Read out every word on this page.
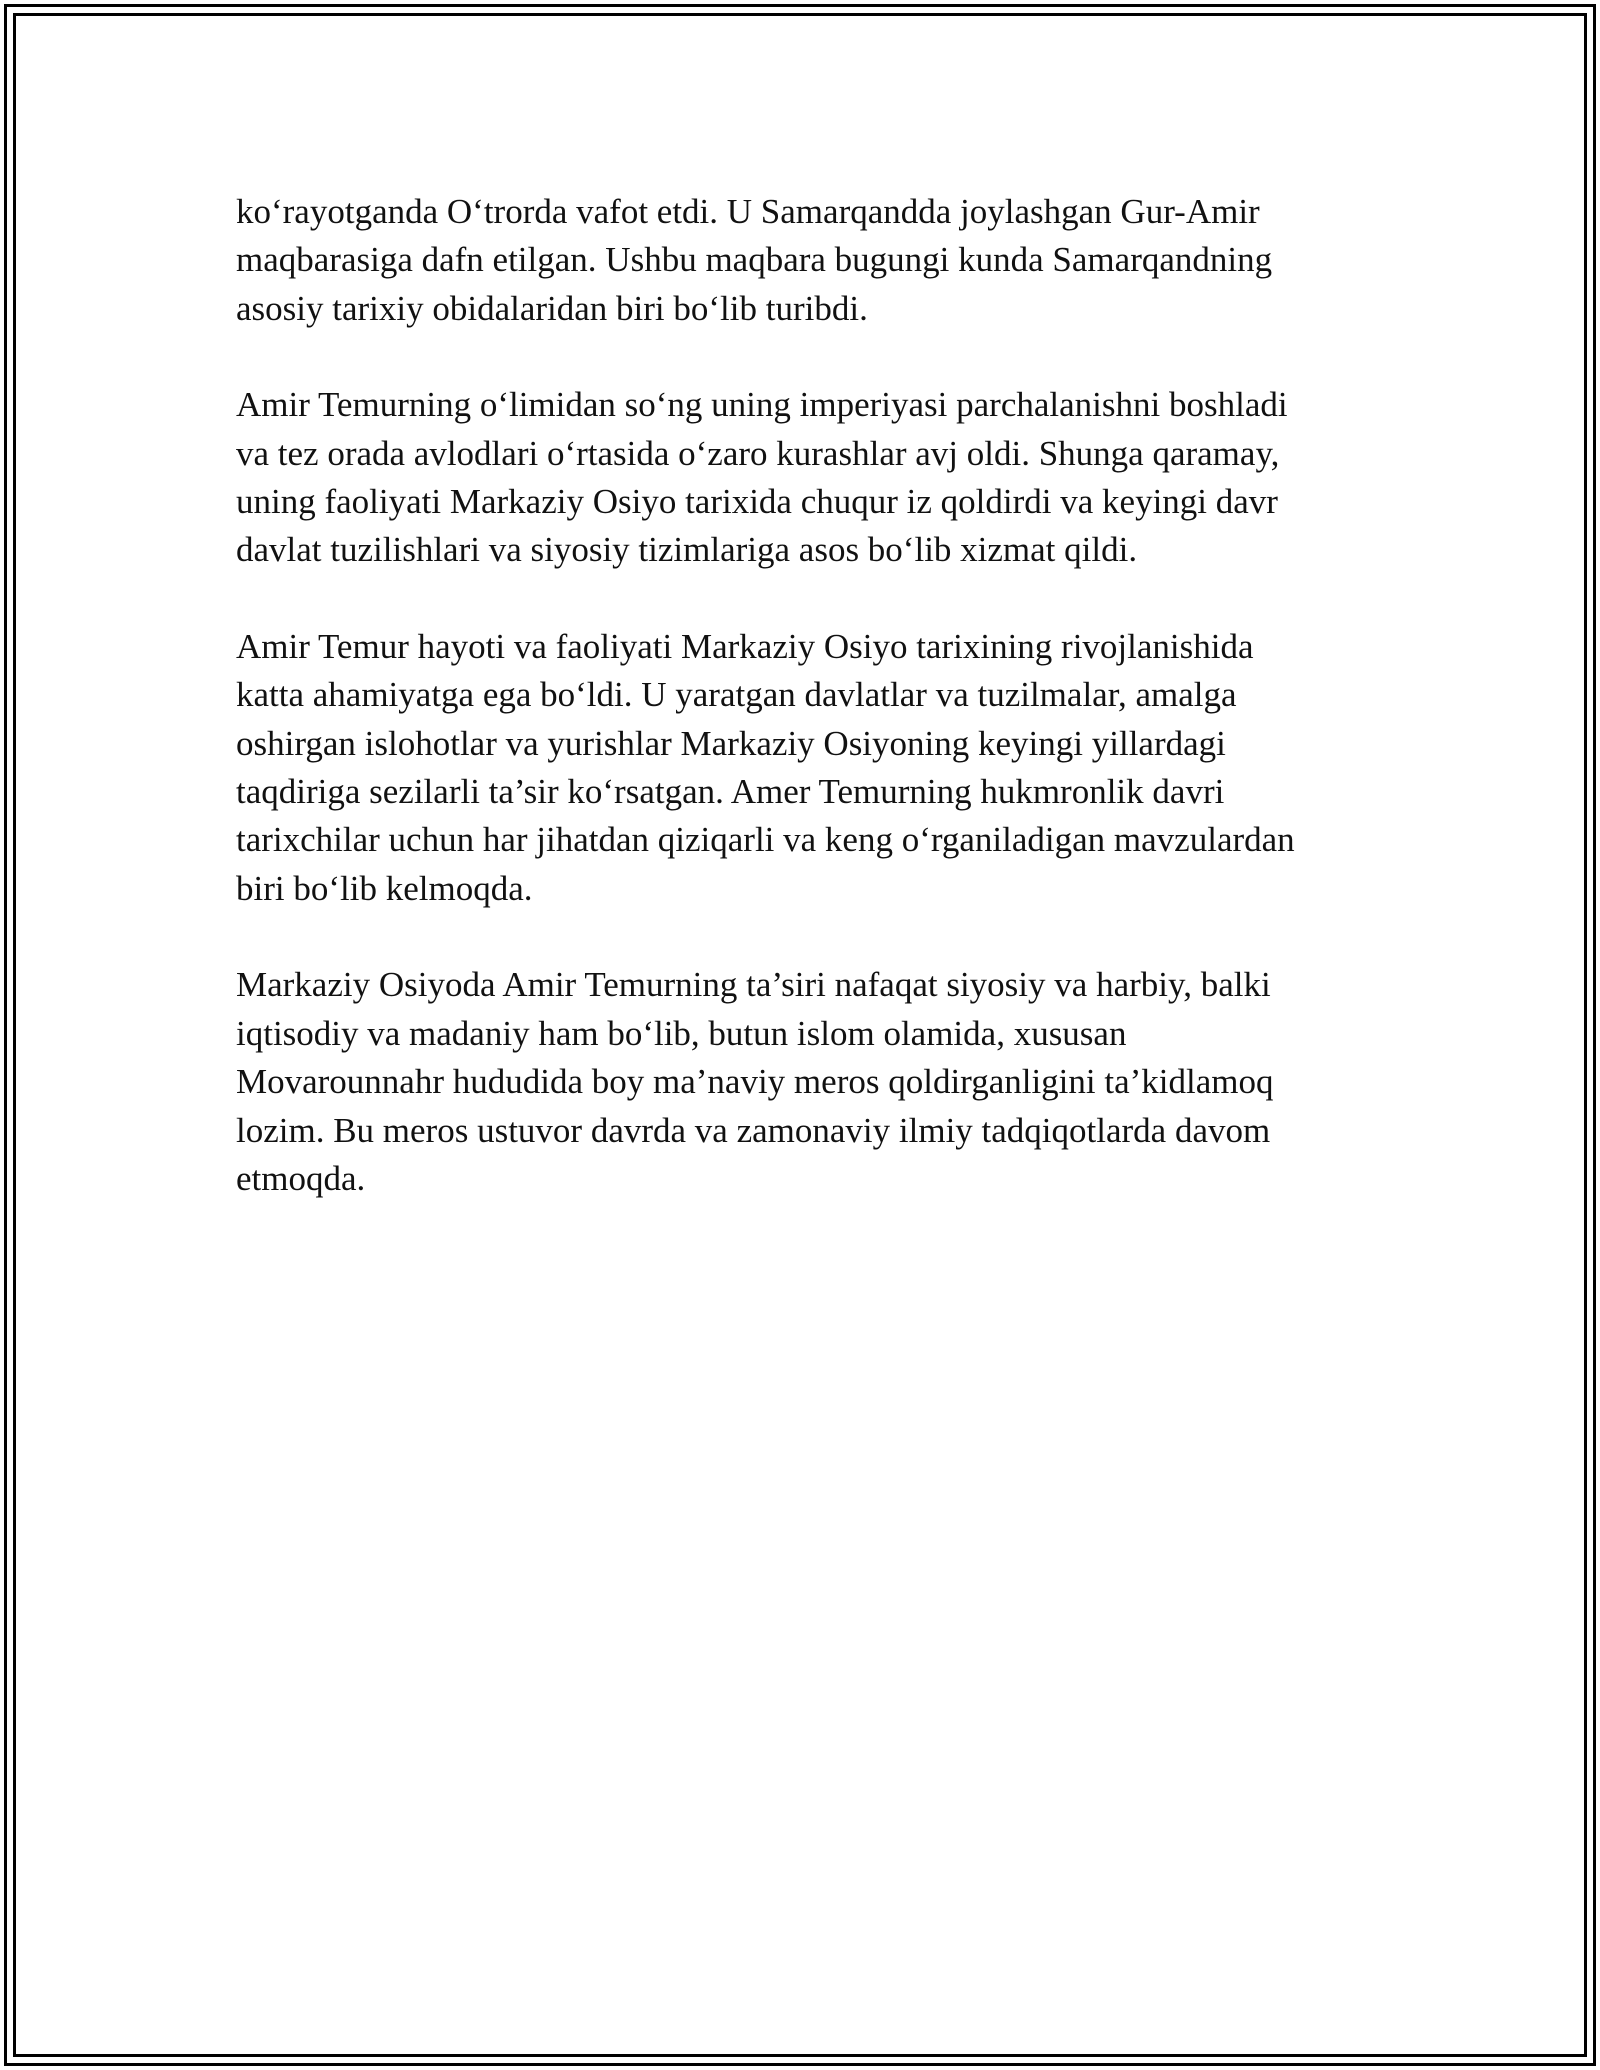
ko‘rayotganda O‘trorda vafot etdi. U Samarqandda joylashgan Gur-Amir
maqbarasiga dafn etilgan. Ushbu maqbara bugungi kunda Samarqandning
asosiy tarixiy obidalaridan biri bo‘lib turibdi.

Amir Temurning o‘limidan so‘ng uning imperiyasi parchalanishni boshladi
va tez orada avlodlari o‘rtasida o‘zaro kurashlar avj oldi. Shunga qaramay,
uning faoliyati Markaziy Osiyo tarixida chuqur iz qoldirdi va keyingi davr
davlat tuzilishlari va siyosiy tizimlariga asos bo‘lib xizmat qildi.

Amir Temur hayoti va faoliyati Markaziy Osiyo tarixining rivojlanishida
katta ahamiyatga ega bo‘ldi. U yaratgan davlatlar va tuzilmalar, amalga
oshirgan islohotlar va yurishlar Markaziy Osiyoning keyingi yillardagi
taqdiriga sezilarli ta’sir ko‘rsatgan. Amer Temurning hukmronlik davri
tarixchilar uchun har jihatdan qiziqarli va keng o‘rganiladigan mavzulardan
biri bo‘lib kelmoqda.

Markaziy Osiyoda Amir Temurning ta’siri nafaqat siyosiy va harbiy, balki
iqtisodiy va madaniy ham bo‘lib, butun islom olamida, xususan
Movarounnahr hududida boy ma’naviy meros qoldirganligini ta’kidlamoq
lozim. Bu meros ustuvor davrda va zamonaviy ilmiy tadqiqotlarda davom
etmoqda.
